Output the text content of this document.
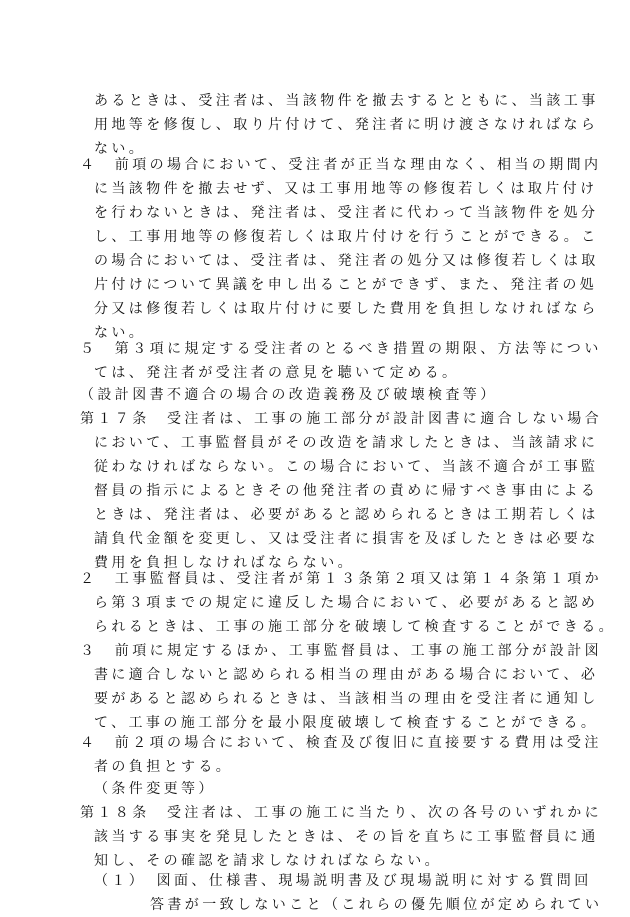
あるときは、受注者は、当該物件を撤去するとともに、当該工事
用地等を修復し、取り片付けて、発注者に明け渡さなければなら
ない。
４　前項の場合において、受注者が正当な理由なく、相当の期間内
に当該物件を撤去せず、又は工事用地等の修復若しくは取片付け
を行わないときは、発注者は、受注者に代わって当該物件を処分
し、工事用地等の修復若しくは取片付けを行うことができる。こ
の場合においては、受注者は、発注者の処分又は修復若しくは取
片付けについて異議を申し出ることができず、また、発注者の処
分又は修復若しくは取片付けに要した費用を負担しなければなら
ない。
５　第３項に規定する受注者のとるべき措置の期限、方法等につい
ては、発注者が受注者の意見を聴いて定める。
（設計図書不適合の場合の改造義務及び破壊検査等）
第１７条　受注者は、工事の施工部分が設計図書に適合しない場合
において、工事監督員がその改造を請求したときは、当該請求に
従わなければならない。この場合において、当該不適合が工事監
督員の指示によるときその他発注者の責めに帰すべき事由による
ときは、発注者は、必要があると認められるときは工期若しくは
請負代金額を変更し、又は受注者に損害を及ぼしたときは必要な
費用を負担しなければならない。
２　工事監督員は、受注者が第１３条第２項又は第１４条第１項か
ら第３項までの規定に違反した場合において、必要があると認め
られるときは、工事の施工部分を破壊して検査することができる。
３　前項に規定するほか、工事監督員は、工事の施工部分が設計図
書に適合しないと認められる相当の理由がある場合において、必
要があると認められるときは、当該相当の理由を受注者に通知し
て、工事の施工部分を最小限度破壊して検査することができる。
４　前２項の場合において、検査及び復旧に直接要する費用は受注
者の負担とする。
（条件変更等）
第１８条　受注者は、工事の施工に当たり、次の各号のいずれかに
該当する事実を発見したときは、その旨を直ちに工事監督員に通
知し、その確認を請求しなければならない。
（１）　図面、仕様書、現場説明書及び現場説明に対する質問回
答書が一致しないこと（これらの優先順位が定められてい
